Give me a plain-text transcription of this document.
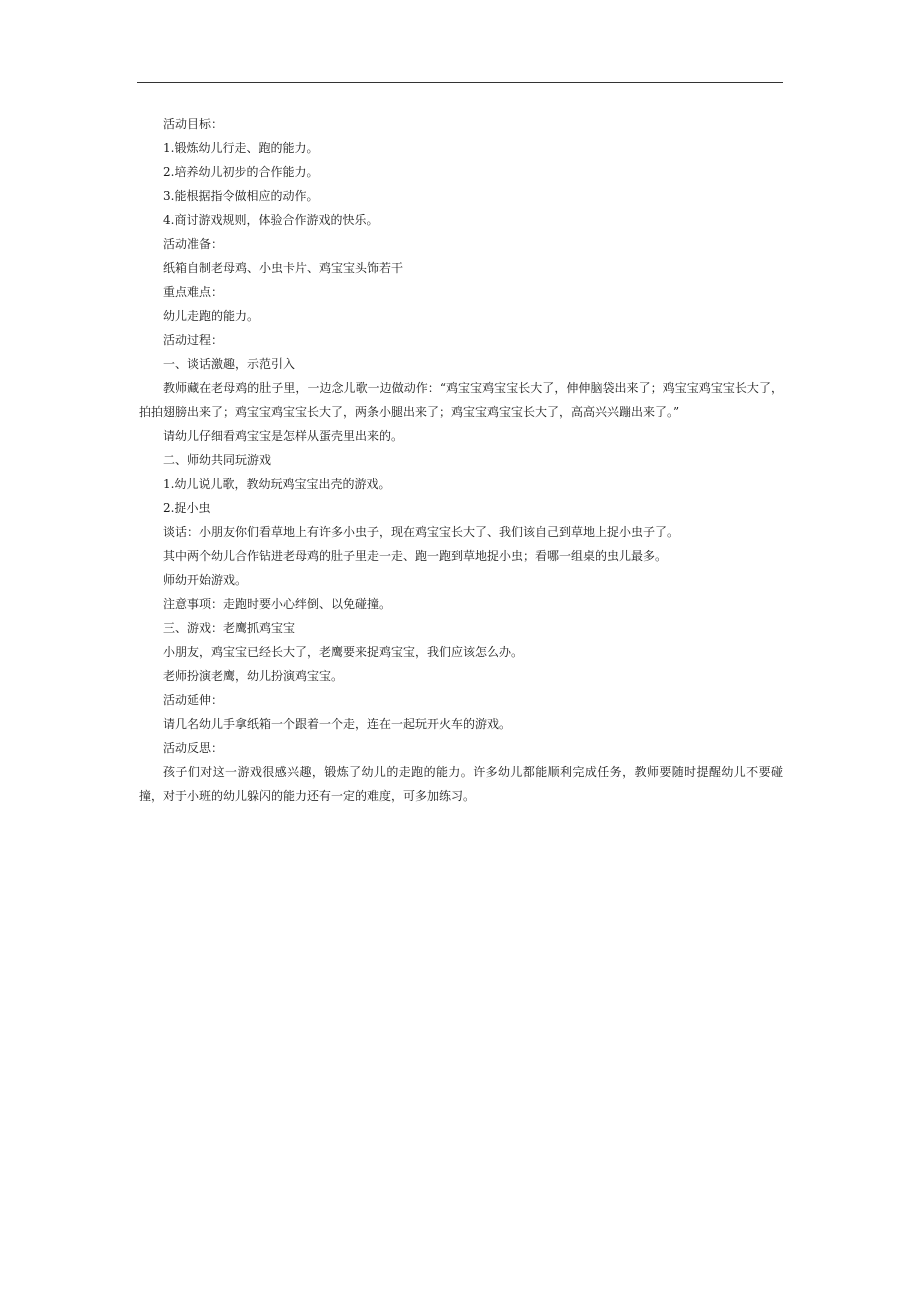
活动目标：

1.锻炼幼儿行走、跑的能力。

2.培养幼儿初步的合作能力。

3.能根据指令做相应的动作。

4.商讨游戏规则，体验合作游戏的快乐。

活动准备：

纸箱自制老母鸡、小虫卡片、鸡宝宝头饰若干

重点难点：

幼儿走跑的能力。

活动过程：

一、谈话激趣，示范引入

教师藏在老母鸡的肚子里，一边念儿歌一边做动作：“鸡宝宝鸡宝宝长大了，伸伸脑袋出来了；鸡宝宝鸡宝宝长大了，拍拍翅膀出来了；鸡宝宝鸡宝宝长大了，两条小腿出来了；鸡宝宝鸡宝宝长大了，高高兴兴蹦出来了。”

请幼儿仔细看鸡宝宝是怎样从蛋壳里出来的。

二、师幼共同玩游戏

1.幼儿说儿歌，教幼玩鸡宝宝出壳的游戏。

2.捉小虫

谈话：小朋友你们看草地上有许多小虫子，现在鸡宝宝长大了、我们该自己到草地上捉小虫子了。

其中两个幼儿合作钻进老母鸡的肚子里走一走、跑一跑到草地捉小虫；看哪一组桌的虫儿最多。

师幼开始游戏。

注意事项：走跑时要小心绊倒、以免碰撞。

三、游戏：老鹰抓鸡宝宝

小朋友，鸡宝宝已经长大了，老鹰要来捉鸡宝宝，我们应该怎么办。

老师扮演老鹰，幼儿扮演鸡宝宝。

活动延伸：

请几名幼儿手拿纸箱一个跟着一个走，连在一起玩开火车的游戏。

活动反思：

孩子们对这一游戏很感兴趣，锻炼了幼儿的走跑的能力。许多幼儿都能顺利完成任务，教师要随时提醒幼儿不要碰撞，对于小班的幼儿躲闪的能力还有一定的难度，可多加练习。
